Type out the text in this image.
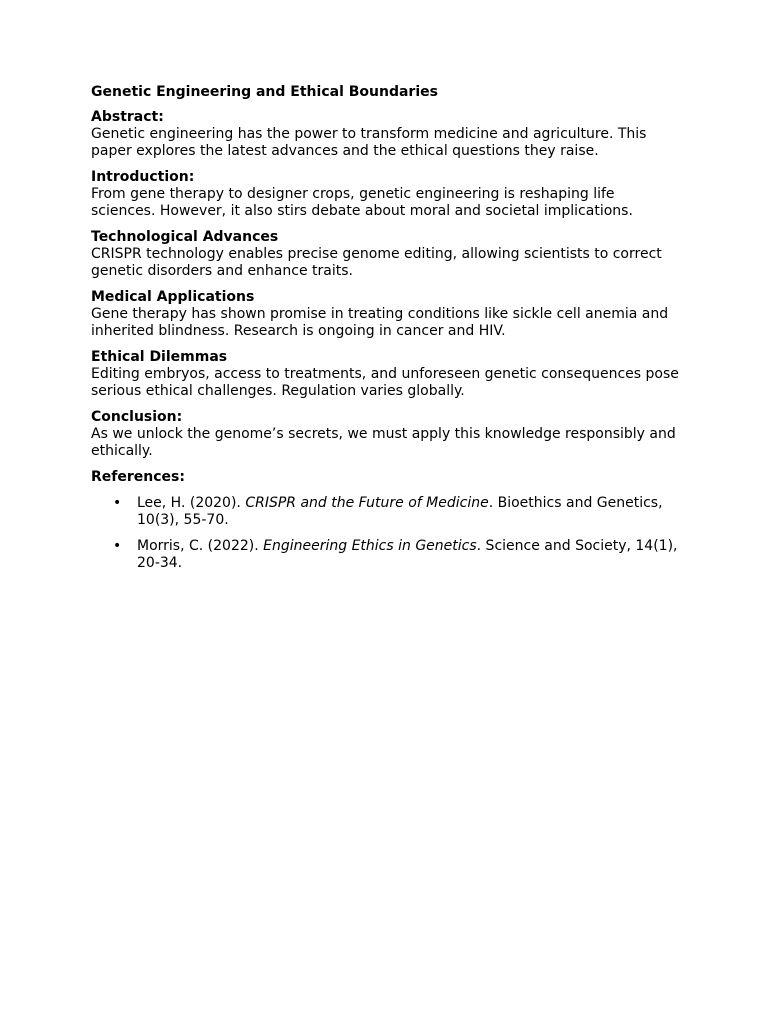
Genetic Engineering and Ethical Boundaries
Abstract:
Genetic engineering has the power to transform medicine and agriculture. This paper explores the latest advances and the ethical questions they raise.
Introduction:
From gene therapy to designer crops, genetic engineering is reshaping life sciences. However, it also stirs debate about moral and societal implications.
Technological Advances
CRISPR technology enables precise genome editing, allowing scientists to correct genetic disorders and enhance traits.
Medical Applications
Gene therapy has shown promise in treating conditions like sickle cell anemia and inherited blindness. Research is ongoing in cancer and HIV.
Ethical Dilemmas
Editing embryos, access to treatments, and unforeseen genetic consequences pose serious ethical challenges. Regulation varies globally.
Conclusion:
As we unlock the genome’s secrets, we must apply this knowledge responsibly and ethically.
References:
• Lee, H. (2020). CRISPR and the Future of Medicine. Bioethics and Genetics, 10(3), 55-70.
• Morris, C. (2022). Engineering Ethics in Genetics. Science and Society, 14(1), 20-34.
